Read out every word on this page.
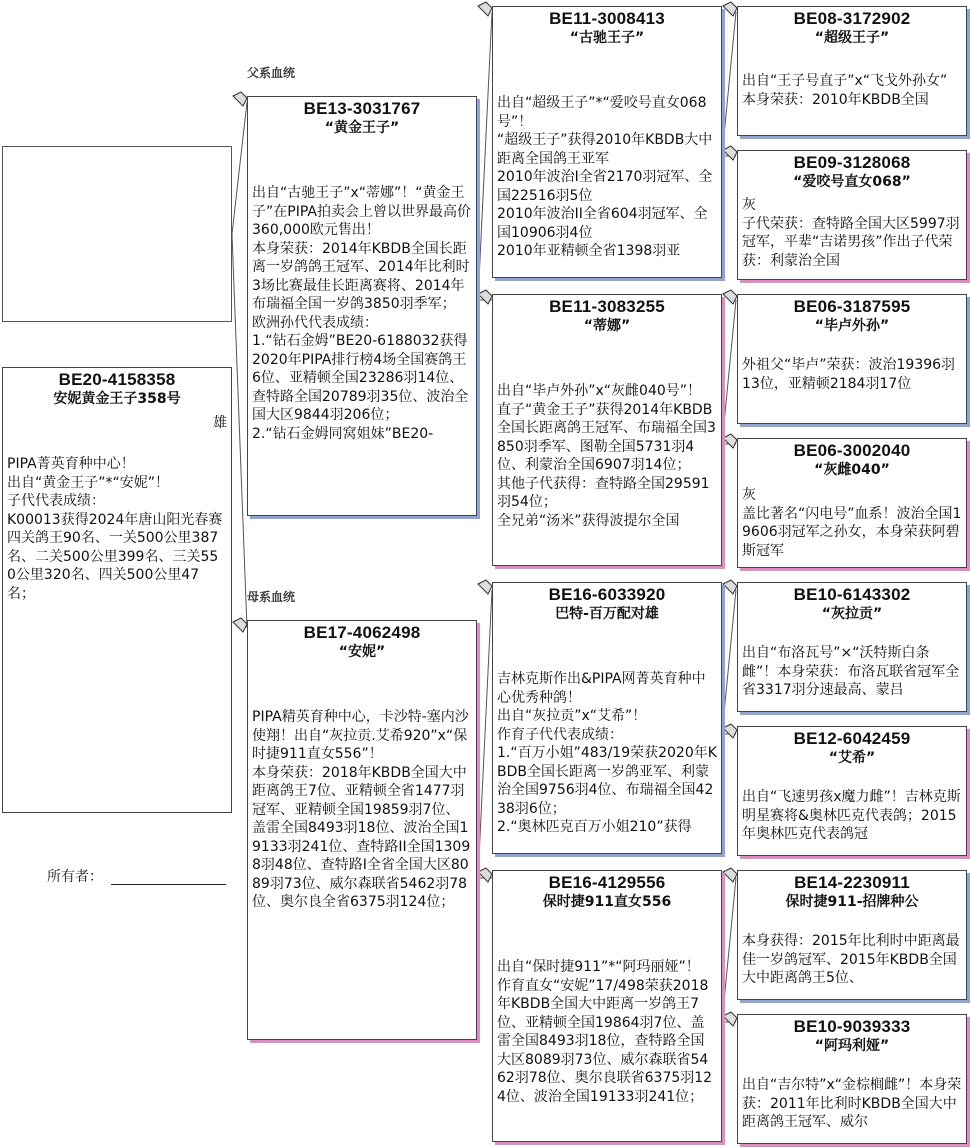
父系血统
母系血统
BE20-4158358
安妮黄金王子358号
雄
PIPA菁英育种中心！
出自“黄金王子”*“安妮”！
子代代表成绩：
K00013获得2024年唐山阳光春赛四关鸽王90名、一关500公里387名、二关500公里399名、三关550公里320名、四关500公里47名；
所有者：
BE13-3031767
“黄金王子”
出自“古驰王子”x“蒂娜”！“黄金王子”在PIPA拍卖会上曾以世界最高价360,000欧元售出！
本身荣获：2014年KBDB全国长距离一岁鸽鸽王冠军、2014年比利时3场比赛最佳长距离赛将、2014年布瑞福全国一岁鸽3850羽季军；
欧洲孙代代表成绩：
1.“钻石金姆”BE20-6188032获得2020年PIPA排行榜4场全国赛鸽王6位、亚精顿全国23286羽14位、查特路全国20789羽35位、波治全国大区9844羽206位；
2.“钻石金姆同窝姐妹”BE20-
BE17-4062498
“安妮”
PIPA精英育种中心，卡沙特-塞内沙使翔！出自“灰拉贡.艾希920”x“保时捷911直女556”！
本身荣获：2018年KBDB全国大中距离鸽王7位、亚精顿全省1477羽冠军、亚精顿全国19859羽7位、盖雷全国8493羽18位、波治全国19133羽241位、查特路II全国13098羽48位、查特路I全省全国大区8089羽73位、威尔森联省5462羽78位、奥尔良全省6375羽124位；
BE11-3008413
“古驰王子”
出自“超级王子”*“爱咬号直女068号”！
“超级王子”获得2010年KBDB大中距离全国鸽王亚军
2010年波治I全省2170羽冠军、全国22516羽5位
2010年波治II全省604羽冠军、全国10906羽4位
2010年亚精顿全省1398羽亚
BE11-3083255
“蒂娜”
出自“毕卢外孙”x“灰雌040号”！
直子“黄金王子”获得2014年KBDB全国长距离鸽王冠军、布瑞福全国3850羽季军、图勒全国5731羽4位、利蒙治全国6907羽14位；
其他子代获得：查特路全国29591羽54位；
全兄弟“汤米”获得波提尔全国
BE16-6033920
巴特-百万配对雄
吉林克斯作出&PIPA网菁英育种中心优秀种鸽！
出自“灰拉贡”x“艾希”！
作育子代代表成绩：
1.“百万小姐”483/19荣获2020年KBDB全国长距离一岁鸽亚军、利蒙治全国9756羽4位、布瑞福全国4238羽6位；
2.“奥林匹克百万小姐210”获得
BE16-4129556
保时捷911直女556
出自“保时捷911”*“阿玛丽娅”！
作育直女“安妮”17/498荣获2018年KBDB全国大中距离一岁鸽王7位、亚精顿全国19864羽7位、盖雷全国8493羽18位，查特路全国大区8089羽73位、威尔森联省5462羽78位、奥尔良联省6375羽124位、波治全国19133羽241位；
BE08-3172902
“超级王子”
出自“王子号直子”x“飞戈外孙女”
本身荣获：2010年KBDB全国
BE09-3128068
“爱咬号直女068”
灰
子代荣获：查特路全国大区5997羽冠军，平辈“吉诺男孩”作出子代荣获：利蒙治全国
BE06-3187595
“毕卢外孙”
外祖父“毕卢”荣获：波治19396羽13位，亚精顿2184羽17位
BE06-3002040
“灰雌040”
灰
盖比著名“闪电号”血系！波治全国19606羽冠军之孙女，本身荣获阿碧斯冠军
BE10-6143302
“灰拉贡”
出自“布洛瓦号”×“沃特斯白条雌”！本身荣获：布洛瓦联省冠军全省3317羽分速最高、蒙吕
BE12-6042459
“艾希”
出自“飞速男孩x魔力雌”！吉林克斯明星赛将&奥林匹克代表鸽；2015年奥林匹克代表鸽冠
BE14-2230911
保时捷911-招牌种公
本身获得：2015年比利时中距离最佳一岁鸽冠军、2015年KBDB全国大中距离鸽王5位、
BE10-9039333
“阿玛利娅”
出自“吉尔特”x“金棕榈雌”！本身荣获：2011年比利时KBDB全国大中距离鸽王冠军、威尔
